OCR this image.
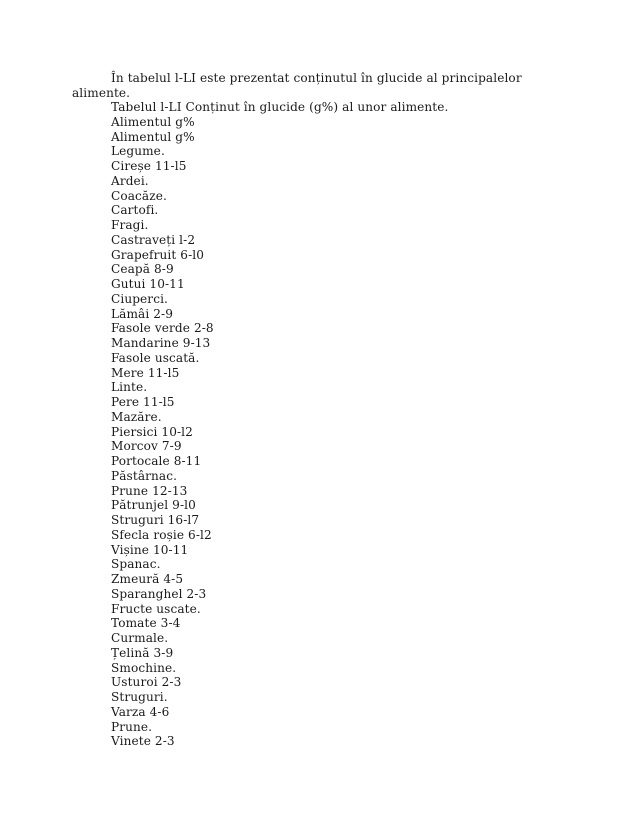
În tabelul l-LI este prezentat conținutul în glucide al principalelor
alimente.
Tabelul l-LI Conținut în glucide (g%) al unor alimente.
Alimentul g%
Alimentul g%
Legume.
Cireșe 11-l5
Ardei.
Coacăze.
Cartofi.
Fragi.
Castraveți l-2
Grapefruit 6-l0
Ceapă 8-9
Gutui 10-11
Ciuperci.
Lămâi 2-9
Fasole verde 2-8
Mandarine 9-13
Fasole uscată.
Mere 11-l5
Linte.
Pere 11-l5
Mazăre.
Piersici 10-l2
Morcov 7-9
Portocale 8-11
Păstârnac.
Prune 12-13
Pătrunjel 9-l0
Struguri 16-l7
Sfecla roșie 6-l2
Vișine 10-11
Spanac.
Zmeură 4-5
Sparanghel 2-3
Fructe uscate.
Tomate 3-4
Curmale.
Țelină 3-9
Smochine.
Usturoi 2-3
Struguri.
Varza 4-6
Prune.
Vinete 2-3
